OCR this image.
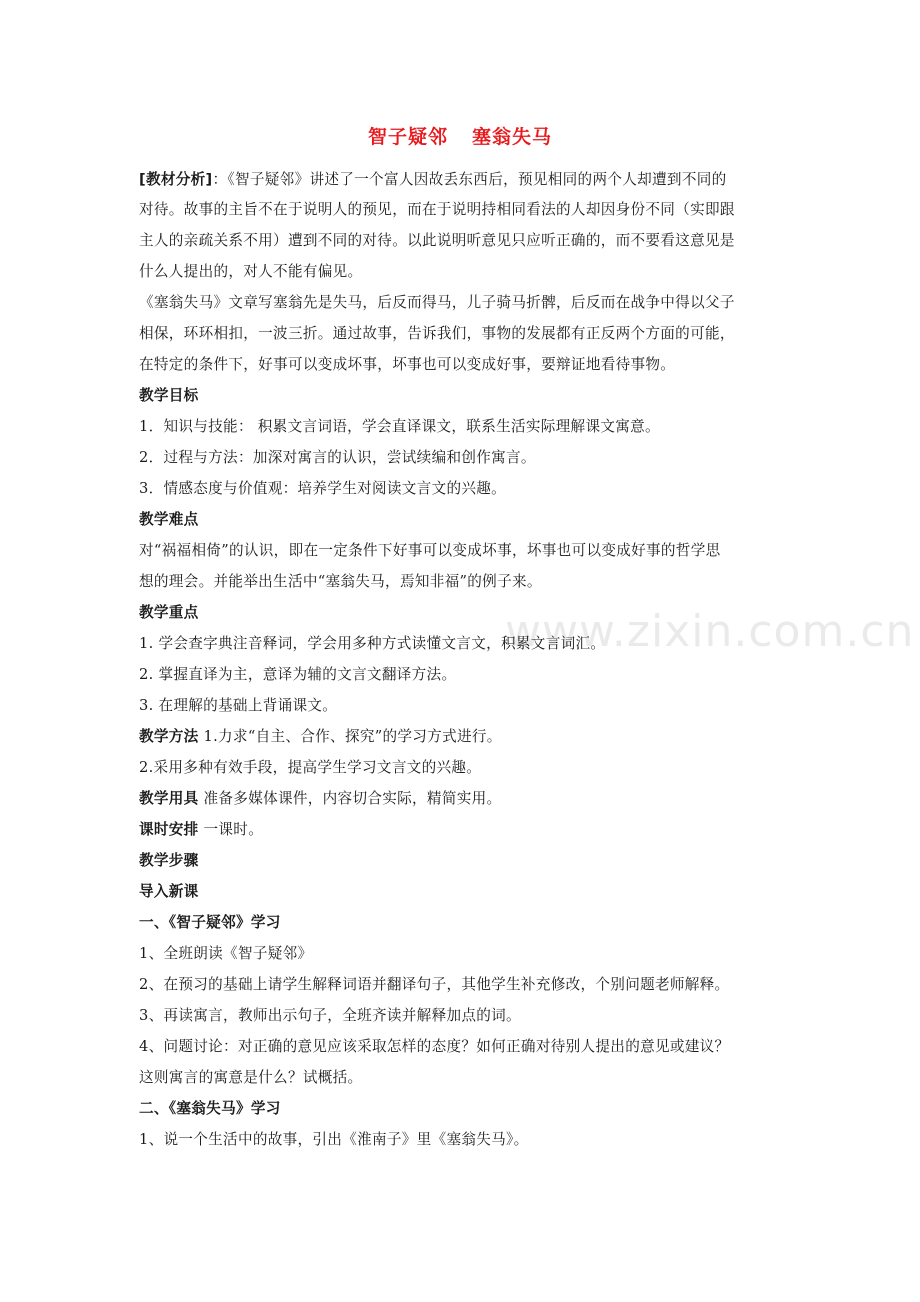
www.zixin.com.cn
智子疑邻 塞翁失马
[教材分析]：《智子疑邻》讲述了一个富人因故丢东西后，预见相同的两个人却遭到不同的
对待。故事的主旨不在于说明人的预见，而在于说明持相同看法的人却因身份不同（实即跟
主人的亲疏关系不用）遭到不同的对待。以此说明听意见只应听正确的，而不要看这意见是
什么人提出的，对人不能有偏见。
《塞翁失马》文章写塞翁先是失马，后反而得马，儿子骑马折髀，后反而在战争中得以父子
相保，环环相扣，一波三折。通过故事，告诉我们，事物的发展都有正反两个方面的可能，
在特定的条件下，好事可以变成坏事，坏事也可以变成好事，要辩证地看待事物。
教学目标
1．知识与技能： 积累文言词语，学会直译课文，联系生活实际理解课文寓意。
2．过程与方法：加深对寓言的认识，尝试续编和创作寓言。
3．情感态度与价值观：培养学生对阅读文言文的兴趣。
教学难点
对“祸福相倚”的认识，即在一定条件下好事可以变成坏事，坏事也可以变成好事的哲学思
想的理会。并能举出生活中“塞翁失马，焉知非福”的例子来。
教学重点
1. 学会查字典注音释词，学会用多种方式读懂文言文，积累文言词汇。
2. 掌握直译为主，意译为辅的文言文翻译方法。
3. 在理解的基础上背诵课文。
教学方法 1.力求“自主、合作、探究”的学习方式进行。
2.采用多种有效手段，提高学生学习文言文的兴趣。
教学用具 准备多媒体课件，内容切合实际，精简实用。
课时安排 一课时。
教学步骤
导入新课
一、《智子疑邻》学习
1、全班朗读《智子疑邻》
2、在预习的基础上请学生解释词语并翻译句子，其他学生补充修改，个别问题老师解释。
3、再读寓言，教师出示句子，全班齐读并解释加点的词。
4、问题讨论：对正确的意见应该采取怎样的态度？如何正确对待别人提出的意见或建议？
这则寓言的寓意是什么？试概括。
二、《塞翁失马》学习
1、说一个生活中的故事，引出《淮南子》里《塞翁失马》。
